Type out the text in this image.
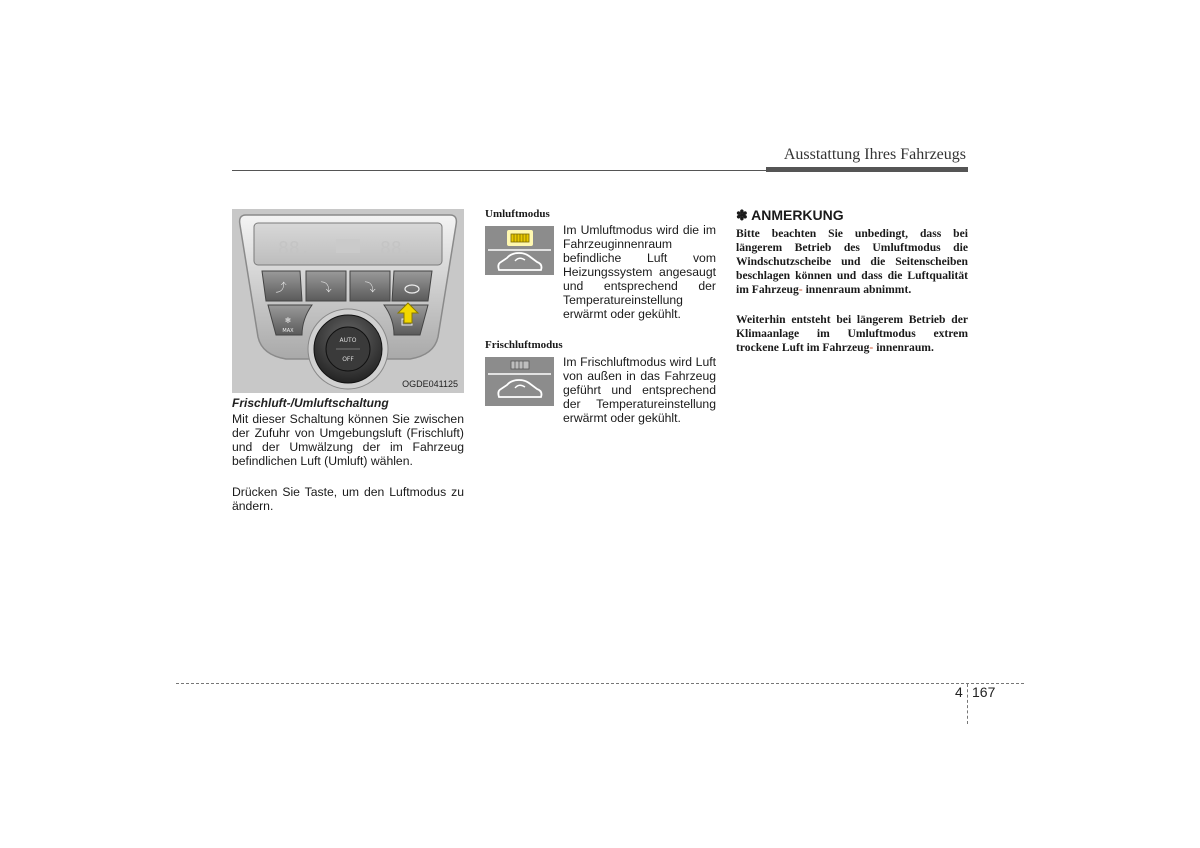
Ausstattung Ihres Fahrzeugs
88.	88.
⤴	⤵	⤵
❄
MAX
AUTO
OFF
OGDE041125
Frischluft-/Umluftschaltung

Mit dieser Schaltung können Sie zwischen der Zufuhr von Umgebungsluft (Frischluft) und der Umwälzung der im Fahrzeug befindlichen Luft (Umluft) wählen.

Drücken Sie Taste, um den Luftmodus zu ändern.

Umluftmodus

Im Umluftmodus wird die im Fahrzeuginnenraum befindliche Luft vom Heizungssystem angesaugt und entsprechend der Temperatureinstellung erwärmt oder gekühlt.

Frischluftmodus

Im Frischluftmodus wird Luft von außen in das Fahrzeug geführt und entsprechend der Temperatureinstellung erwärmt oder gekühlt.

✽ ANMERKUNG

Bitte beachten Sie unbedingt, dass bei längerem Betrieb des Umluftmodus die Windschutzscheibe und die Seitenscheiben beschlagen können und dass die Luftqualität im Fahrzeug- innenraum abnimmt.

Weiterhin entsteht bei längerem Betrieb der Klimaanlage im Umluftmodus extrem trockene Luft im Fahrzeug- innenraum.

4 167
